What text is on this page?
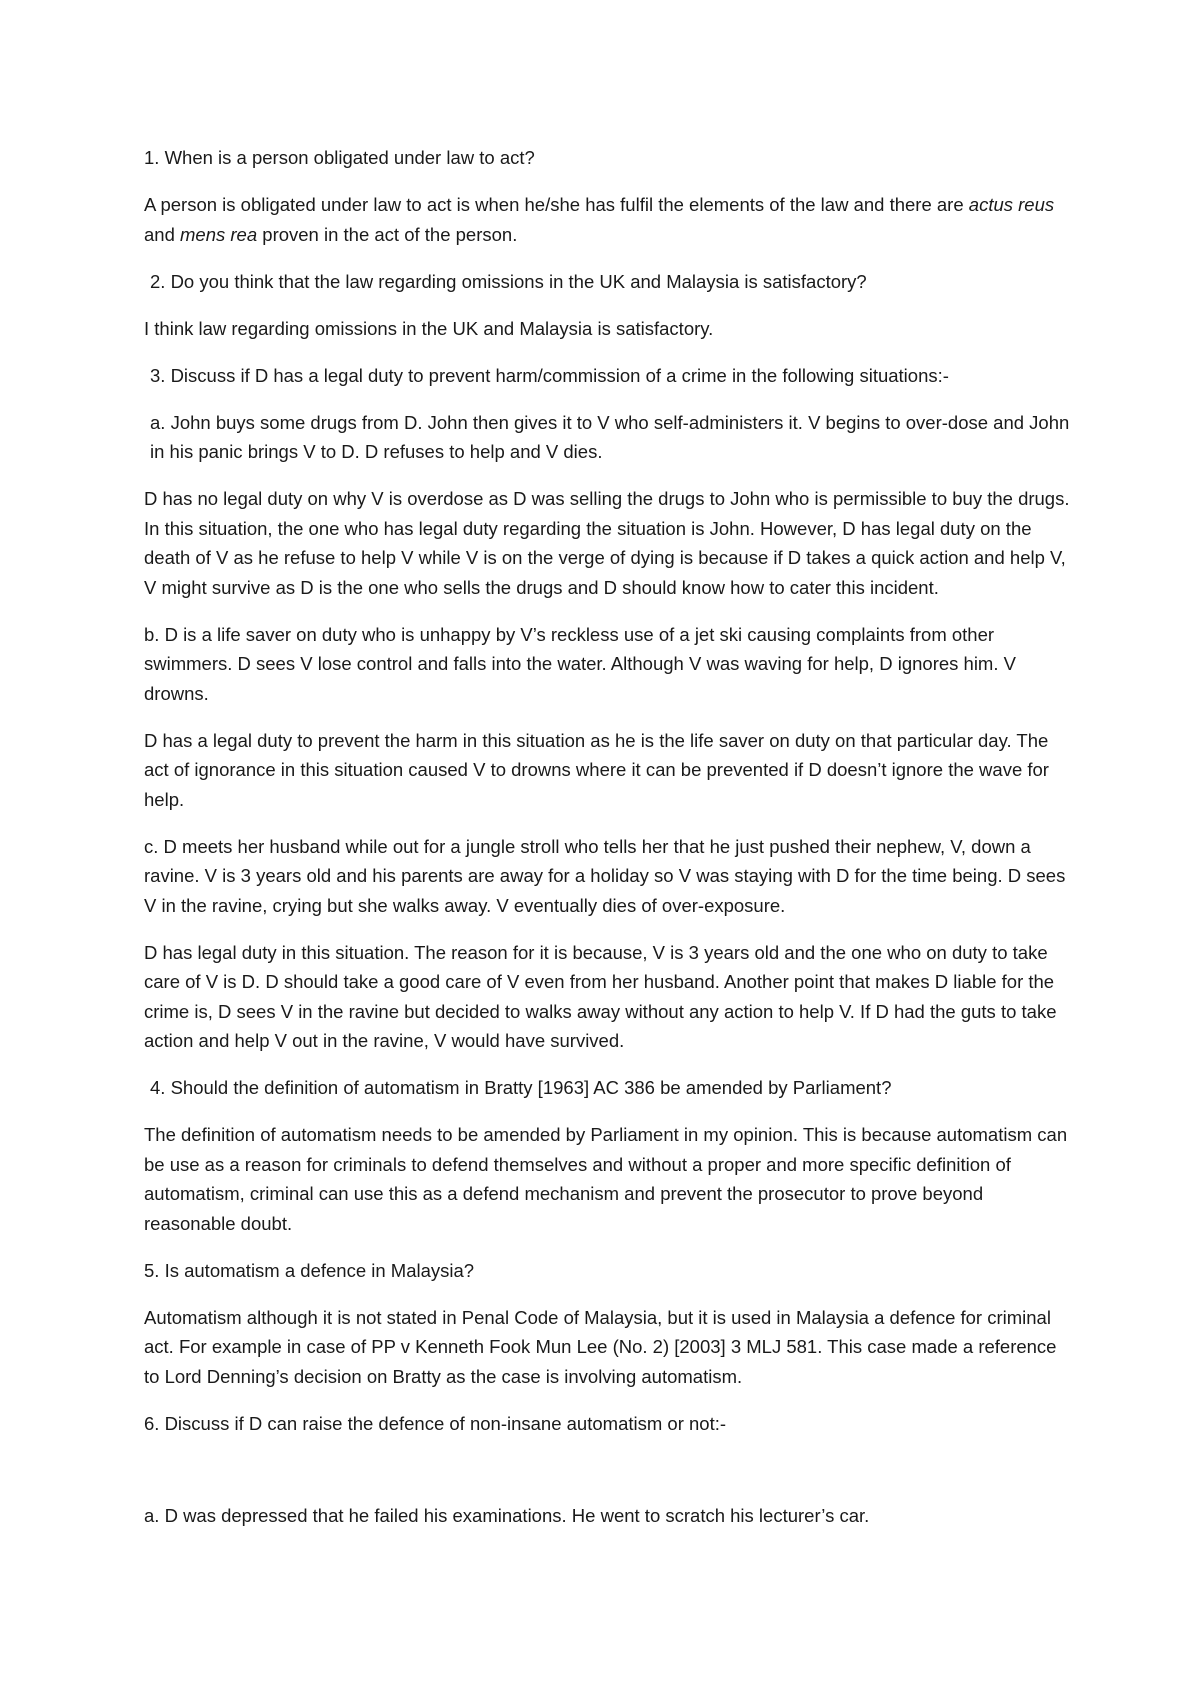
1. When is a person obligated under law to act?

A person is obligated under law to act is when he/she has fulfil the elements of the law and there are actus reus and mens rea proven in the act of the person.

2. Do you think that the law regarding omissions in the UK and Malaysia is satisfactory?

I think law regarding omissions in the UK and Malaysia is satisfactory.

3. Discuss if D has a legal duty to prevent harm/commission of a crime in the following situations:-

a. John buys some drugs from D. John then gives it to V who self-administers it. V begins to over-dose and John in his panic brings V to D. D refuses to help and V dies.

D has no legal duty on why V is overdose as D was selling the drugs to John who is permissible to buy the drugs. In this situation, the one who has legal duty regarding the situation is John. However, D has legal duty on the death of V as he refuse to help V while V is on the verge of dying is because if D takes a quick action and help V, V might survive as D is the one who sells the drugs and D should know how to cater this incident.

b. D is a life saver on duty who is unhappy by V’s reckless use of a jet ski causing complaints from other swimmers. D sees V lose control and falls into the water. Although V was waving for help, D ignores him. V drowns.

D has a legal duty to prevent the harm in this situation as he is the life saver on duty on that particular day. The act of ignorance in this situation caused V to drowns where it can be prevented if D doesn’t ignore the wave for help.

c. D meets her husband while out for a jungle stroll who tells her that he just pushed their nephew, V, down a ravine. V is 3 years old and his parents are away for a holiday so V was staying with D for the time being. D sees V in the ravine, crying but she walks away. V eventually dies of over-exposure.

D has legal duty in this situation. The reason for it is because, V is 3 years old and the one who on duty to take care of V is D. D should take a good care of V even from her husband. Another point that makes D liable for the crime is, D sees V in the ravine but decided to walks away without any action to help V. If D had the guts to take action and help V out in the ravine, V would have survived.

4. Should the definition of automatism in Bratty [1963] AC 386 be amended by Parliament?

The definition of automatism needs to be amended by Parliament in my opinion. This is because automatism can be use as a reason for criminals to defend themselves and without a proper and more specific definition of automatism, criminal can use this as a defend mechanism and prevent the prosecutor to prove beyond reasonable doubt.

5. Is automatism a defence in Malaysia?

Automatism although it is not stated in Penal Code of Malaysia, but it is used in Malaysia a defence for criminal act. For example in case of PP v Kenneth Fook Mun Lee (No. 2) [2003] 3 MLJ 581. This case made a reference to Lord Denning’s decision on Bratty as the case is involving automatism.

6. Discuss if D can raise the defence of non-insane automatism or not:-

a. D was depressed that he failed his examinations. He went to scratch his lecturer’s car.
